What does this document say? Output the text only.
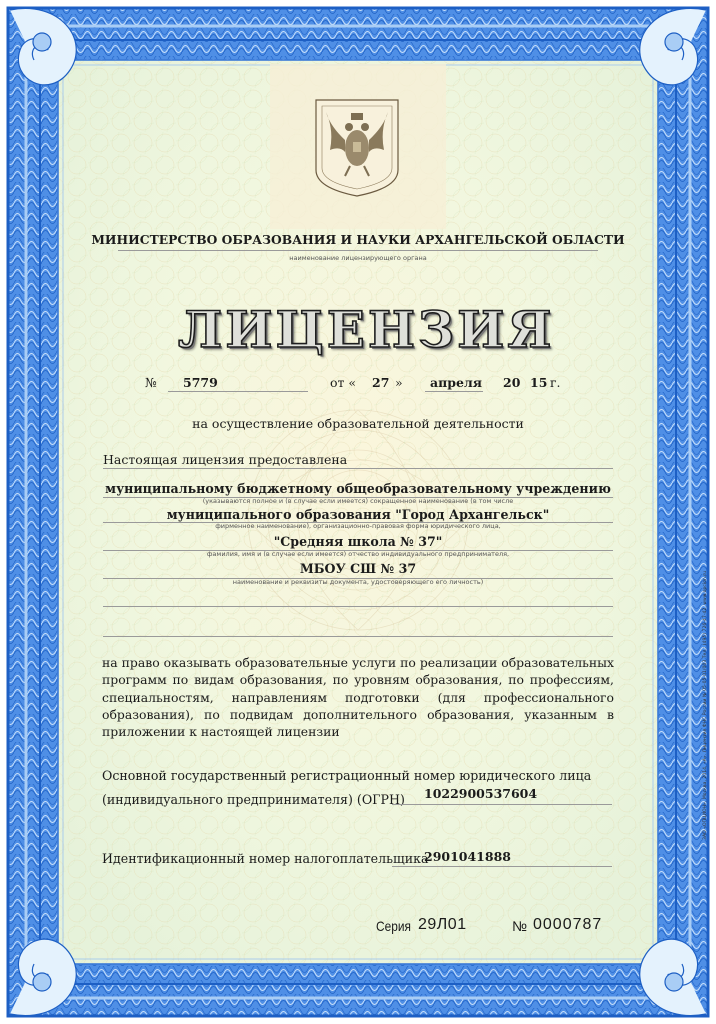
МИНИСТЕРСТВО ОБРАЗОВАНИЯ И НАУКИ АРХАНГЕЛЬСКОЙ ОБЛАСТИ
наименование лицензирующего органа
ЛИЦЕНЗИЯ
№ 5779	от « 27 » апреля 20 15 г.
на осуществление образовательной деятельности
Настоящая лицензия предоставлена
муниципальному бюджетному общеобразовательному учреждению
(указываются полное и (в случае если имеется) сокращенное наименование (в том числе
муниципального образования "Город Архангельск"
фирменное наименование), организационно-правовая форма юридического лица,
"Средняя школа № 37"
фамилия, имя и (в случае если имеется) отчество индивидуального предпринимателя,
МБОУ СШ № 37
наименование и реквизиты документа, удостоверяющего его личность)
на право оказывать образовательные услуги по реализации образовательных
программ по видам образования, по уровням образования, по профессиям,
специальностям, направлениям подготовки (для профессионального
образования), по подвидам дополнительного образования, указанным в
приложении к настоящей лицензии
Основной государственный регистрационный номер юридического лица
(индивидуального предпринимателя) (ОГРН) 1022900537604
Идентификационный номер налогоплательщика
2901041888
Серия 29Л01	№ 0000787
ЗАО «ОПЦИОН», Москва, 2014, «А». Лицензия ФНС России № 05-05-01/003 Тел.: (495) 726-47-42, www.opcion.ru
